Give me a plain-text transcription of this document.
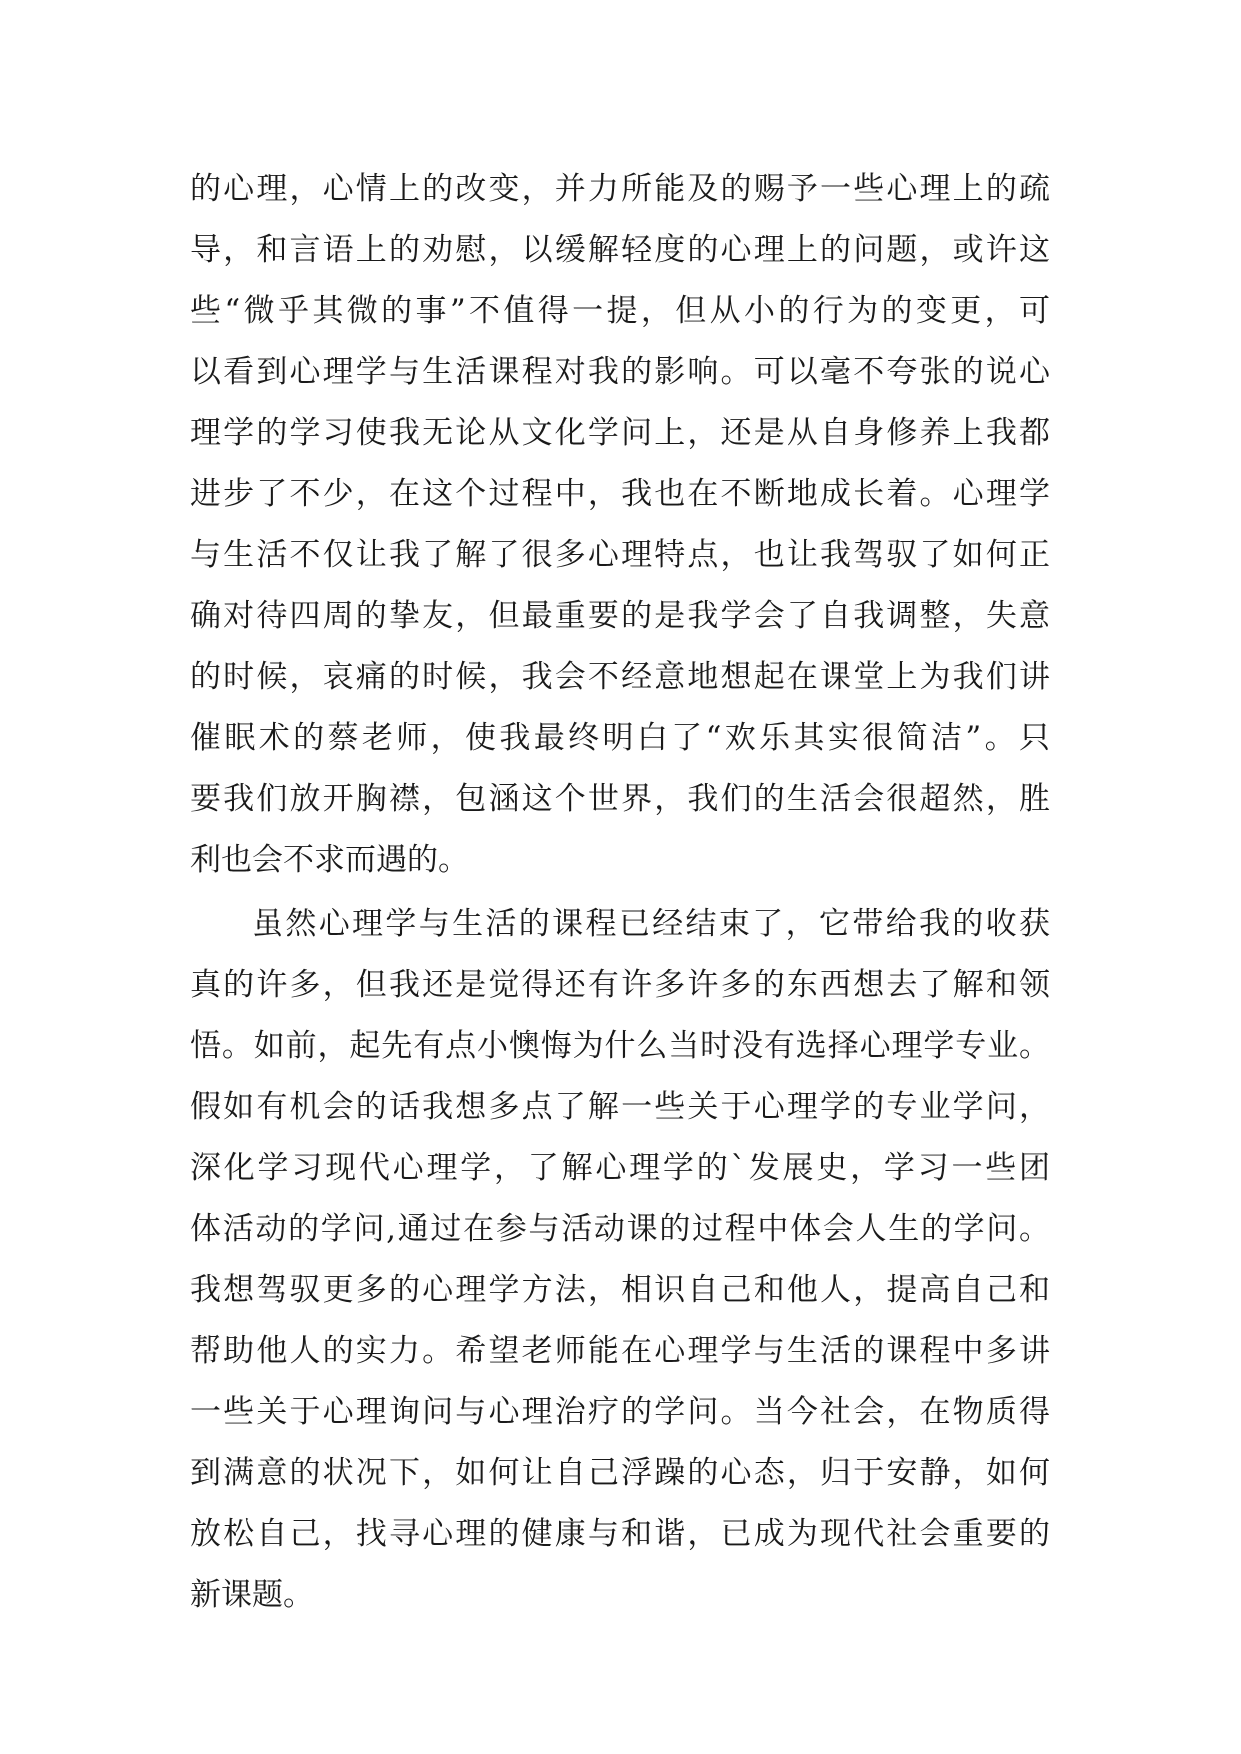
的心理，心情上的改变，并力所能及的赐予一些心理上的疏
导，和言语上的劝慰，以缓解轻度的心理上的问题，或许这
些“微乎其微的事”不值得一提，但从小的行为的变更，可
以看到心理学与生活课程对我的影响。可以毫不夸张的说心
理学的学习使我无论从文化学问上，还是从自身修养上我都
进步了不少，在这个过程中，我也在不断地成长着。心理学
与生活不仅让我了解了很多心理特点，也让我驾驭了如何正
确对待四周的挚友，但最重要的是我学会了自我调整，失意
的时候，哀痛的时候，我会不经意地想起在课堂上为我们讲
催眠术的蔡老师，使我最终明白了“欢乐其实很简洁”。只
要我们放开胸襟，包涵这个世界，我们的生活会很超然，胜
利也会不求而遇的。
虽然心理学与生活的课程已经结束了，它带给我的收获
真的许多，但我还是觉得还有许多许多的东西想去了解和领
悟。如前，起先有点小懊悔为什么当时没有选择心理学专业。
假如有机会的话我想多点了解一些关于心理学的专业学问，
深化学习现代心理学，了解心理学的`发展史，学习一些团
体活动的学问,通过在参与活动课的过程中体会人生的学问。
我想驾驭更多的心理学方法，相识自己和他人，提高自己和
帮助他人的实力。希望老师能在心理学与生活的课程中多讲
一些关于心理询问与心理治疗的学问。当今社会，在物质得
到满意的状况下，如何让自己浮躁的心态，归于安静，如何
放松自己，找寻心理的健康与和谐，已成为现代社会重要的
新课题。
